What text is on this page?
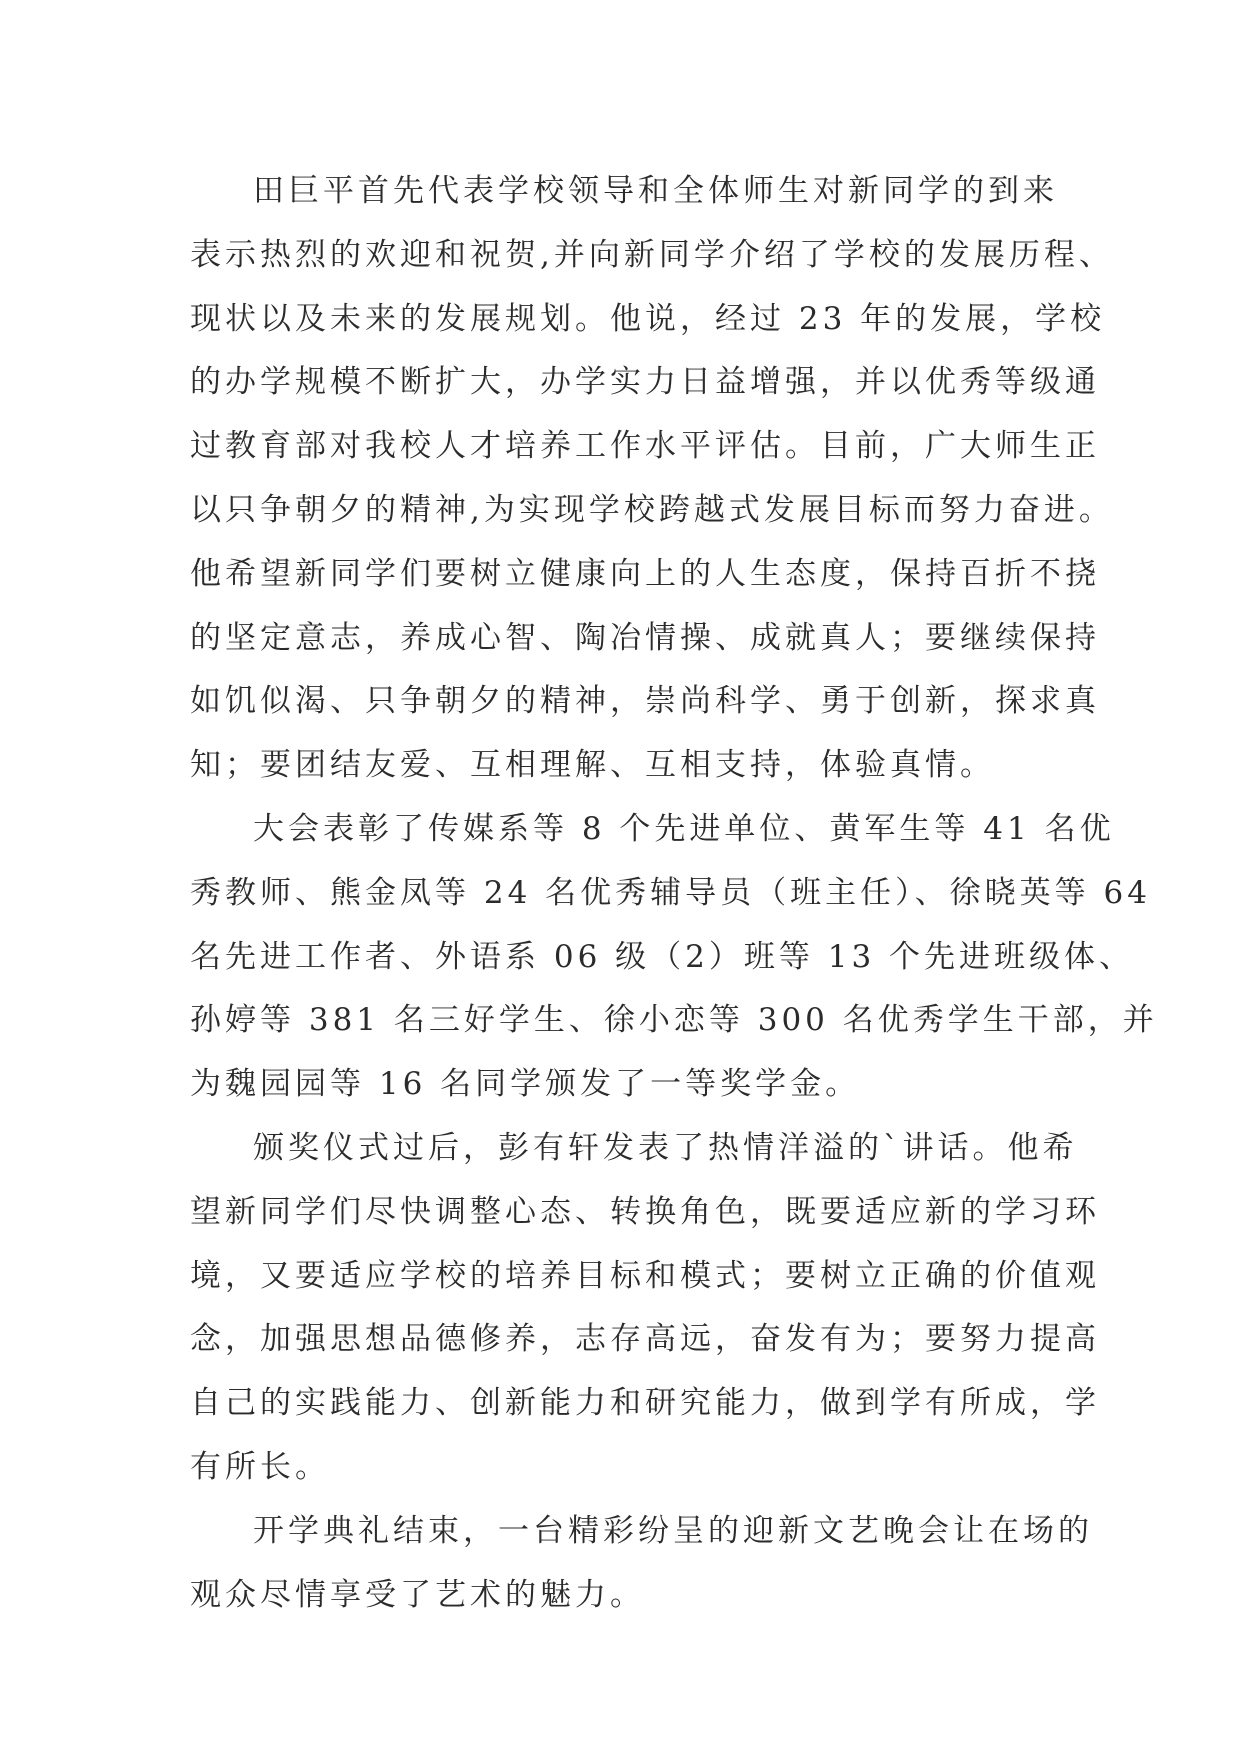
田巨平首先代表学校领导和全体师生对新同学的到来
表示热烈的欢迎和祝贺,并向新同学介绍了学校的发展历程、
现状以及未来的发展规划。他说，经过 23 年的发展，学校
的办学规模不断扩大，办学实力日益增强，并以优秀等级通
过教育部对我校人才培养工作水平评估。目前，广大师生正
以只争朝夕的精神,为实现学校跨越式发展目标而努力奋进。
他希望新同学们要树立健康向上的人生态度，保持百折不挠
的坚定意志，养成心智、陶冶情操、成就真人；要继续保持
如饥似渴、只争朝夕的精神，崇尚科学、勇于创新，探求真
知；要团结友爱、互相理解、互相支持，体验真情。
大会表彰了传媒系等 8 个先进单位、黄军生等 41 名优
秀教师、熊金凤等 24 名优秀辅导员（班主任）、徐晓英等 64
名先进工作者、外语系 06 级（2）班等 13 个先进班级体、
孙婷等 381 名三好学生、徐小恋等 300 名优秀学生干部，并
为魏园园等 16 名同学颁发了一等奖学金。
颁奖仪式过后，彭有轩发表了热情洋溢的`讲话。他希
望新同学们尽快调整心态、转换角色，既要适应新的学习环
境，又要适应学校的培养目标和模式；要树立正确的价值观
念，加强思想品德修养，志存高远，奋发有为；要努力提高
自己的实践能力、创新能力和研究能力，做到学有所成，学
有所长。
开学典礼结束，一台精彩纷呈的迎新文艺晚会让在场的
观众尽情享受了艺术的魅力。
